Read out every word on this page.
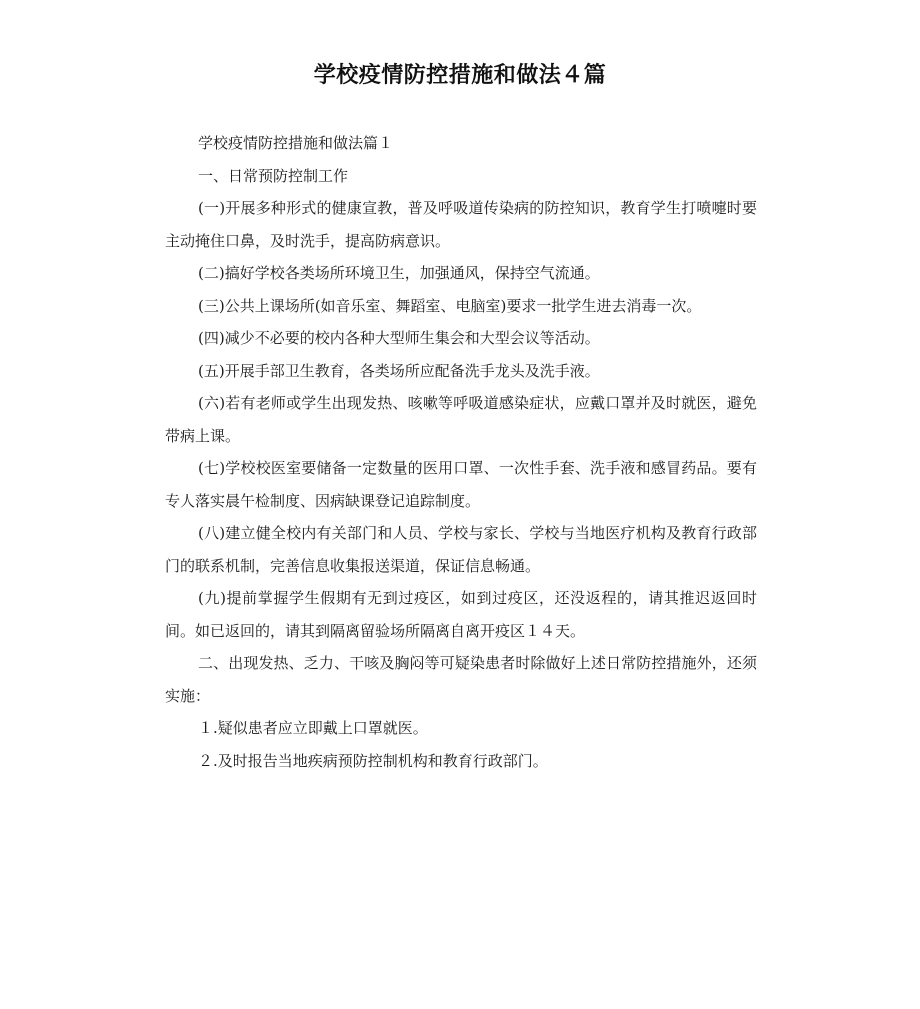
学校疫情防控措施和做法４篇

学校疫情防控措施和做法篇１

一、日常预防控制工作

(一)开展多种形式的健康宣教，普及呼吸道传染病的防控知识，教育学生打喷嚏时要主动掩住口鼻，及时洗手，提高防病意识。

(二)搞好学校各类场所环境卫生，加强通风，保持空气流通。

(三)公共上课场所(如音乐室、舞蹈室、电脑室)要求一批学生进去消毒一次。

(四)减少不必要的校内各种大型师生集会和大型会议等活动。

(五)开展手部卫生教育，各类场所应配备洗手龙头及洗手液。

(六)若有老师或学生出现发热、咳嗽等呼吸道感染症状，应戴口罩并及时就医，避免带病上课。

(七)学校校医室要储备一定数量的医用口罩、一次性手套、洗手液和感冒药品。要有专人落实晨午检制度、因病缺课登记追踪制度。

(八)建立健全校内有关部门和人员、学校与家长、学校与当地医疗机构及教育行政部门的联系机制，完善信息收集报送渠道，保证信息畅通。

(九)提前掌握学生假期有无到过疫区，如到过疫区，还没返程的，请其推迟返回时间。如已返回的，请其到隔离留验场所隔离自离开疫区１４天。

二、出现发热、乏力、干咳及胸闷等可疑染患者时除做好上述日常防控措施外，还须实施：

１.疑似患者应立即戴上口罩就医。

２.及时报告当地疾病预防控制机构和教育行政部门。
